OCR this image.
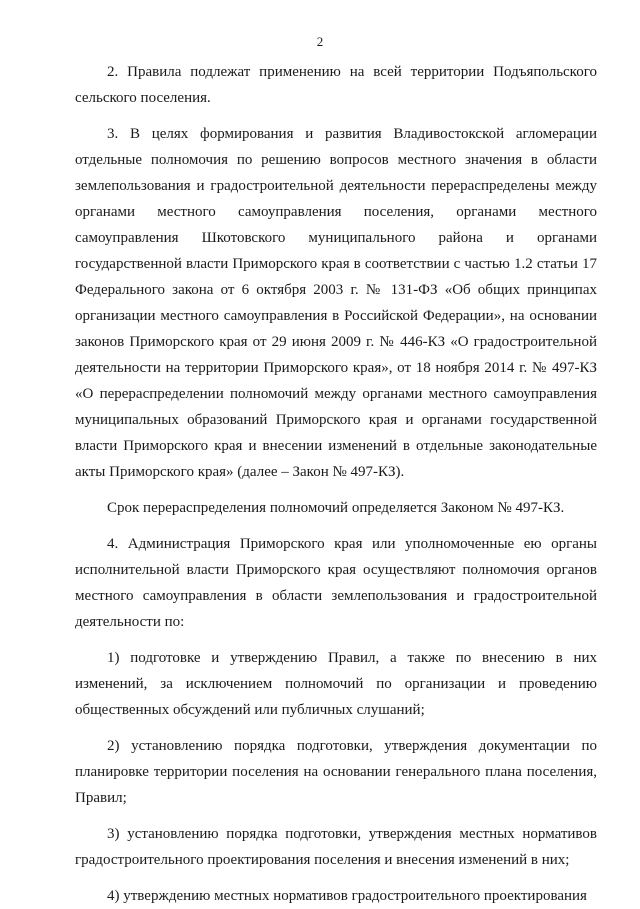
2

2. Правила подлежат применению на всей территории Подъяпольского сельского поселения.

3. В целях формирования и развития Владивостокской агломерации отдельные полномочия по решению вопросов местного значения в области землепользования и градостроительной деятельности перераспределены между органами местного самоуправления поселения, органами местного самоуправления Шкотовского муниципального района и органами государственной власти Приморского края в соответствии с частью 1.2 статьи 17 Федерального закона от 6 октября 2003 г. № 131-ФЗ «Об общих принципах организации местного самоуправления в Российской Федерации», на основании законов Приморского края от 29 июня 2009 г. № 446-КЗ «О градостроительной деятельности на территории Приморского края», от 18 ноября 2014 г. № 497-КЗ «О перераспределении полномочий между органами местного самоуправления муниципальных образований Приморского края и органами государственной власти Приморского края и внесении изменений в отдельные законодательные акты Приморского края» (далее – Закон № 497-КЗ).

Срок перераспределения полномочий определяется Законом № 497-КЗ.

4. Администрация Приморского края или уполномоченные ею органы исполнительной власти Приморского края осуществляют полномочия органов местного самоуправления в области землепользования и градостроительной деятельности по:

1) подготовке и утверждению Правил, а также по внесению в них изменений, за исключением полномочий по организации и проведению общественных обсуждений или публичных слушаний;

2) установлению порядка подготовки, утверждения документации по планировке территории поселения на основании генерального плана поселения, Правил;

3) установлению порядка подготовки, утверждения местных нормативов градостроительного проектирования поселения и внесения изменений в них;

4) утверждению местных нормативов градостроительного проектирования
